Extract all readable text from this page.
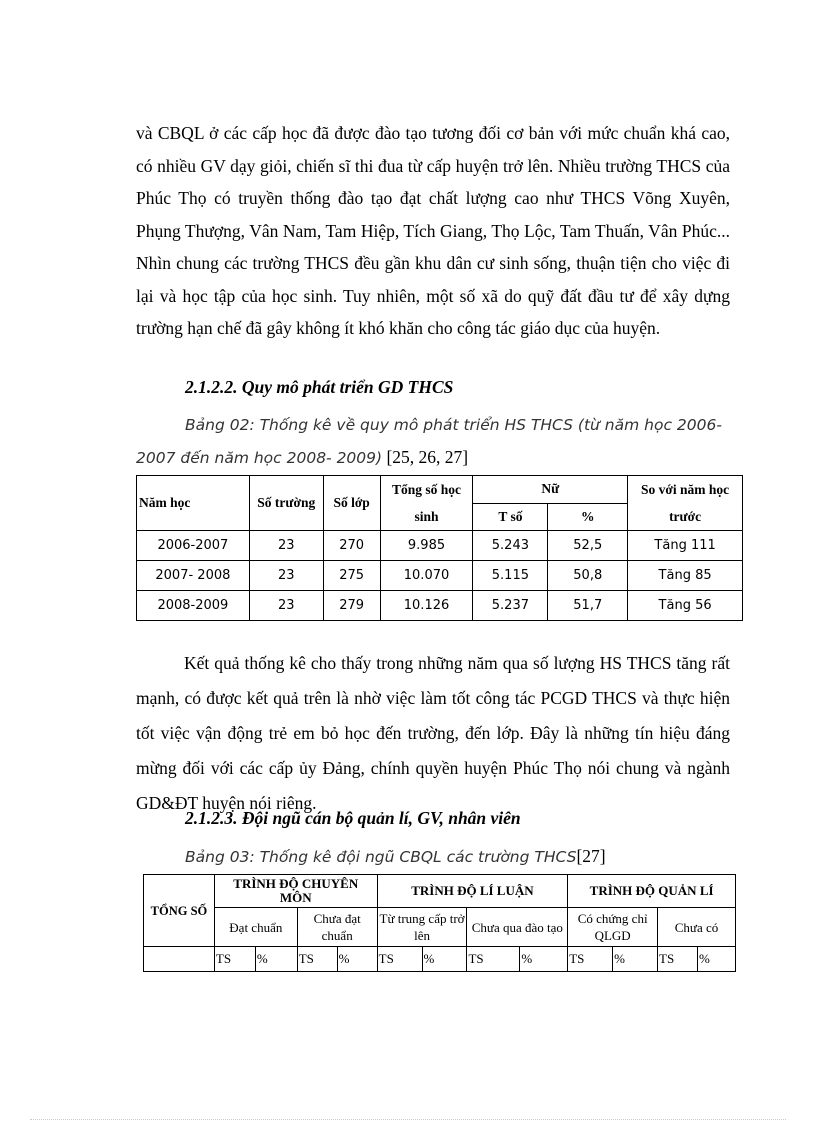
và CBQL ở các cấp học đã được đào tạo tương đối cơ bản với mức chuẩn khá cao, có nhiều GV dạy giỏi, chiến sĩ thi đua từ cấp huyện trở lên. Nhiều trường THCS của Phúc Thọ có truyền thống đào tạo đạt chất lượng cao như THCS Võng Xuyên, Phụng Thượng, Vân Nam, Tam Hiệp, Tích Giang, Thọ Lộc, Tam Thuấn, Vân Phúc... Nhìn chung các trường THCS đều gần khu dân cư sinh sống, thuận tiện cho việc đi lại và học tập của học sinh. Tuy nhiên, một số xã do quỹ đất đầu tư để xây dựng trường hạn chế đã gây không ít khó khăn cho công tác giáo dục của huyện.

2.1.2.2. Quy mô phát triển GD THCS

Bảng 02: Thống kê về quy mô phát triển HS THCS (từ năm học 2006-2007 đến năm học 2008- 2009) [25, 26, 27]

Năm học	Số trường	Số lớp	Tổng số học sinh	Nữ		So với năm học trước
				T số	%	
2006-2007	23	270	9.985	5.243	52,5	Tăng 111
2007- 2008	23	275	10.070	5.115	50,8	Tăng 85
2008-2009	23	279	10.126	5.237	51,7	Tăng 56

Kết quả thống kê cho thấy trong những năm qua số lượng HS THCS tăng rất mạnh, có được kết quả trên là nhờ việc làm tốt công tác PCGD THCS và thực hiện tốt việc vận động trẻ em bỏ học đến trường, đến lớp. Đây là những tín hiệu đáng mừng đối với các cấp ủy Đảng, chính quyền huyện Phúc Thọ nói chung và ngành GD&ĐT huyện nói riêng.

2.1.2.3. Đội ngũ cán bộ quản lí, GV, nhân viên

Bảng 03: Thống kê đội ngũ CBQL các trường THCS[27]

TỔNG SỐ	TRÌNH ĐỘ CHUYÊN MÔN				TRÌNH ĐỘ LÍ LUẬN				TRÌNH ĐỘ QUẢN LÍ			
	Đạt chuẩn		Chưa đạt chuẩn		Từ trung cấp trở lên		Chưa qua đào tạo		Có chứng chỉ QLGD		Chưa có	
	TS	%	TS	%	TS	%	TS	%	TS	%	TS	%
